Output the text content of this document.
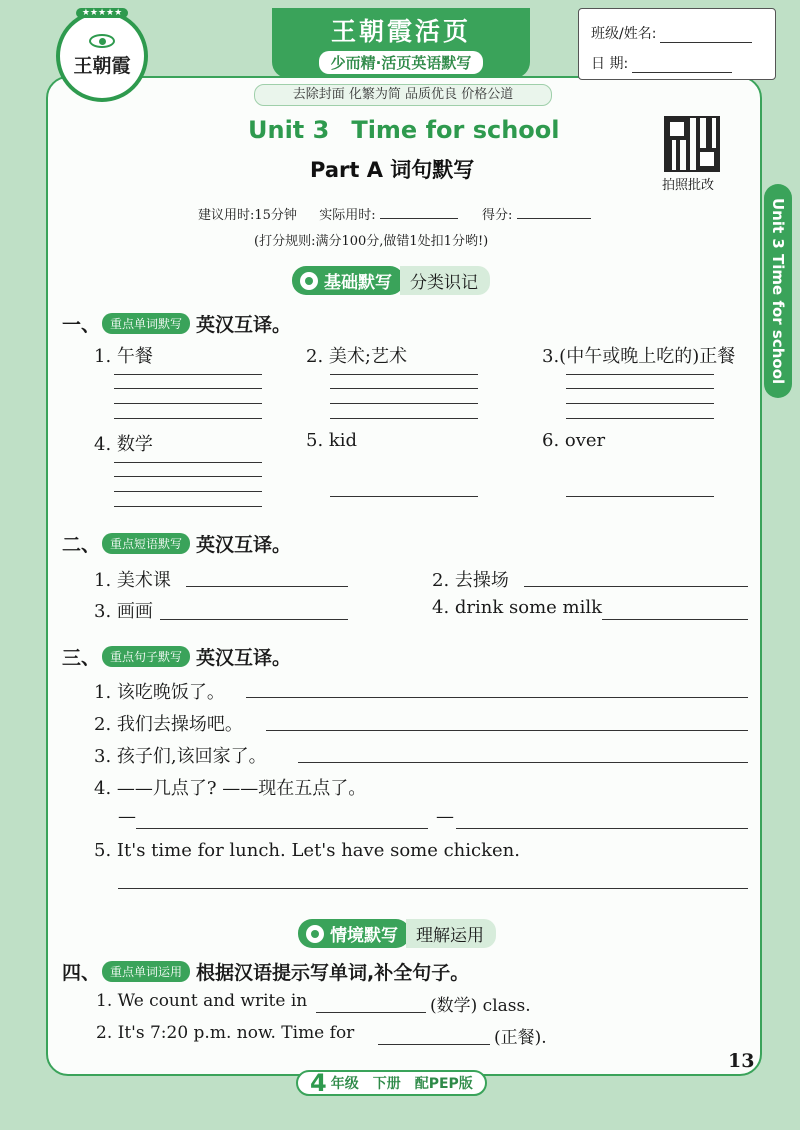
★★★★★
王朝霞
王朝霞活页
少而精·活页英语默写
去除封面 化繁为简 品质优良 价格公道
班级/姓名:
日 期:
Unit 3 Time for school
Part A 词句默写
拍照批改
建议用时:15分钟 实际用时:	得分:
(打分规则:满分100分,做错1处扣1分哟!)	Unit 3 Time for school
基础默写	分类识记
一、 重点单词默写 英汉互译。
1. 午餐	2. 美术;艺术	3.(中午或晚上吃的)正餐
4. 数学	5. kid	6. over
二、 重点短语默写 英汉互译。
1. 美术课	2. 去操场
3. 画画	4. drink some milk
三、 重点句子默写 英汉互译。
1. 该吃晚饭了。
2. 我们去操场吧。
3. 孩子们,该回家了。
4. ——几点了? ——现在五点了。
—	—
5. It's time for lunch. Let's have some chicken.
情境默写	理解运用
四、 重点单词运用 根据汉语提示写单词,补全句子。
1. We count and write in	(数学) class.
2. It's 7:20 p.m. now. Time for	(正餐).
13
4 年级 下册 配PEP版
